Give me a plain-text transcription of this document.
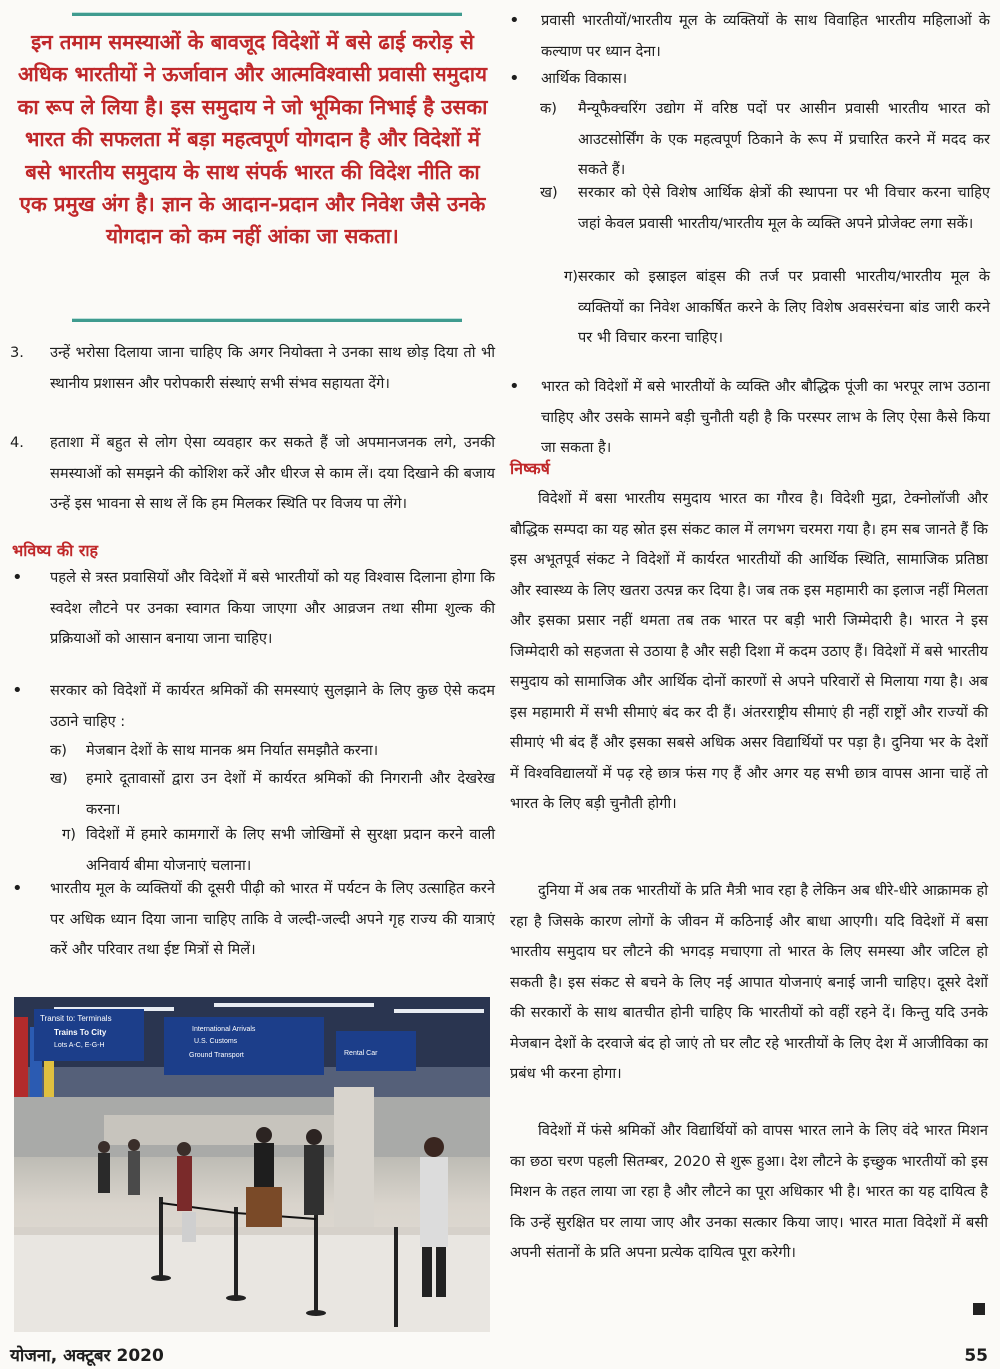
इन तमाम समस्याओं के बावजूद विदेशों में बसे ढाई करोड़ से अधिक भारतीयों ने ऊर्जावान और आत्मविश्वासी प्रवासी समुदाय का रूप ले लिया है। इस समुदाय ने जो भूमिका निभाई है उसका भारत की सफलता में बड़ा महत्वपूर्ण योगदान है और विदेशों में बसे भारतीय समुदाय के साथ संपर्क भारत की विदेश नीति का एक प्रमुख अंग है। ज्ञान के आदान-प्रदान और निवेश जैसे उनके योगदान को कम नहीं आंका जा सकता।

3. उन्हें भरोसा दिलाया जाना चाहिए कि अगर नियोक्ता ने उनका साथ छोड़ दिया तो भी स्थानीय प्रशासन और परोपकारी संस्थाएं सभी संभव सहायता देंगे।

4. हताशा में बहुत से लोग ऐसा व्यवहार कर सकते हैं जो अपमानजनक लगे, उनकी समस्याओं को समझने की कोशिश करें और धीरज से काम लें। दया दिखाने की बजाय उन्हें इस भावना से साथ लें कि हम मिलकर स्थिति पर विजय पा लेंगे।

भविष्य की राह
• पहले से त्रस्त प्रवासियों और विदेशों में बसे भारतीयों को यह विश्वास दिलाना होगा कि स्वदेश लौटने पर उनका स्वागत किया जाएगा और आव्रजन तथा सीमा शुल्क की प्रक्रियाओं को आसान बनाया जाना चाहिए।

• सरकार को विदेशों में कार्यरत श्रमिकों की समस्याएं सुलझाने के लिए कुछ ऐसे कदम उठाने चाहिए :

क) मेजबान देशों के साथ मानक श्रम निर्यात समझौते करना।

ख) हमारे दूतावासों द्वारा उन देशों में कार्यरत श्रमिकों की निगरानी और देखरेख करना।

ग) विदेशों में हमारे कामगारों के लिए सभी जोखिमों से सुरक्षा प्रदान करने वाली अनिवार्य बीमा योजनाएं चलाना।

• भारतीय मूल के व्यक्तियों की दूसरी पीढ़ी को भारत में पर्यटन के लिए उत्साहित करने पर अधिक ध्यान दिया जाना चाहिए ताकि वे जल्दी-जल्दी अपने गृह राज्य की यात्राएं करें और परिवार तथा ईष्ट मित्रों से मिलें।

Transit to: Terminals
Trains To City
Lots A-C, E-G-H
International Arrivals
U.S. Customs
Ground Transport	Rental Car
• प्रवासी भारतीयों/भारतीय मूल के व्यक्तियों के साथ विवाहित भारतीय महिलाओं के कल्याण पर ध्यान देना।

• आर्थिक विकास।

क) मैन्यूफैक्चरिंग उद्योग में वरिष्ठ पदों पर आसीन प्रवासी भारतीय भारत को आउटसोर्सिंग के एक महत्वपूर्ण ठिकाने के रूप में प्रचारित करने में मदद कर सकते हैं।

ख) सरकार को ऐसे विशेष आर्थिक क्षेत्रों की स्थापना पर भी विचार करना चाहिए जहां केवल प्रवासी भारतीय/भारतीय मूल के व्यक्ति अपने प्रोजेक्ट लगा सकें।

ग) सरकार को इस्राइल बांड्स की तर्ज पर प्रवासी भारतीय/भारतीय मूल के व्यक्तियों का निवेश आकर्षित करने के लिए विशेष अवसरंचना बांड जारी करने पर भी विचार करना चाहिए।

• भारत को विदेशों में बसे भारतीयों के व्यक्ति और बौद्धिक पूंजी का भरपूर लाभ उठाना चाहिए और उसके सामने बड़ी चुनौती यही है कि परस्पर लाभ के लिए ऐसा कैसे किया जा सकता है।

निष्कर्ष

विदेशों में बसा भारतीय समुदाय भारत का गौरव है। विदेशी मुद्रा, टेक्नोलॉजी और बौद्धिक सम्पदा का यह स्रोत इस संकट काल में लगभग चरमरा गया है। हम सब जानते हैं कि इस अभूतपूर्व संकट ने विदेशों में कार्यरत भारतीयों की आर्थिक स्थिति, सामाजिक प्रतिष्ठा और स्वास्थ्य के लिए खतरा उत्पन्न कर दिया है। जब तक इस महामारी का इलाज नहीं मिलता और इसका प्रसार नहीं थमता तब तक भारत पर बड़ी भारी जिम्मेदारी है। भारत ने इस जिम्मेदारी को सहजता से उठाया है और सही दिशा में कदम उठाए हैं। विदेशों में बसे भारतीय समुदाय को सामाजिक और आर्थिक दोनों कारणों से अपने परिवारों से मिलाया गया है। अब इस महामारी में सभी सीमाएं बंद कर दी हैं। अंतरराष्ट्रीय सीमाएं ही नहीं राष्ट्रों और राज्यों की सीमाएं भी बंद हैं और इसका सबसे अधिक असर विद्यार्थियों पर पड़ा है। दुनिया भर के देशों में विश्वविद्यालयों में पढ़ रहे छात्र फंस गए हैं और अगर यह सभी छात्र वापस आना चाहें तो भारत के लिए बड़ी चुनौती होगी।

दुनिया में अब तक भारतीयों के प्रति मैत्री भाव रहा है लेकिन अब धीरे-धीरे आक्रामक हो रहा है जिसके कारण लोगों के जीवन में कठिनाई और बाधा आएगी। यदि विदेशों में बसा भारतीय समुदाय घर लौटने की भगदड़ मचाएगा तो भारत के लिए समस्या और जटिल हो सकती है। इस संकट से बचने के लिए नई आपात योजनाएं बनाई जानी चाहिए। दूसरे देशों की सरकारों के साथ बातचीत होनी चाहिए कि भारतीयों को वहीं रहने दें। किन्तु यदि उनके मेजबान देशों के दरवाजे बंद हो जाएं तो घर लौट रहे भारतीयों के लिए देश में आजीविका का प्रबंध भी करना होगा।

विदेशों में फंसे श्रमिकों और विद्यार्थियों को वापस भारत लाने के लिए वंदे भारत मिशन का छठा चरण पहली सितम्बर, 2020 से शुरू हुआ। देश लौटने के इच्छुक भारतीयों को इस मिशन के तहत लाया जा रहा है और लौटने का पूरा अधिकार भी है। भारत का यह दायित्व है कि उन्हें सुरक्षित घर लाया जाए और उनका सत्कार किया जाए। भारत माता विदेशों में बसी अपनी संतानों के प्रति अपना प्रत्येक दायित्व पूरा करेगी।

योजना, अक्टूबर 2020	55
